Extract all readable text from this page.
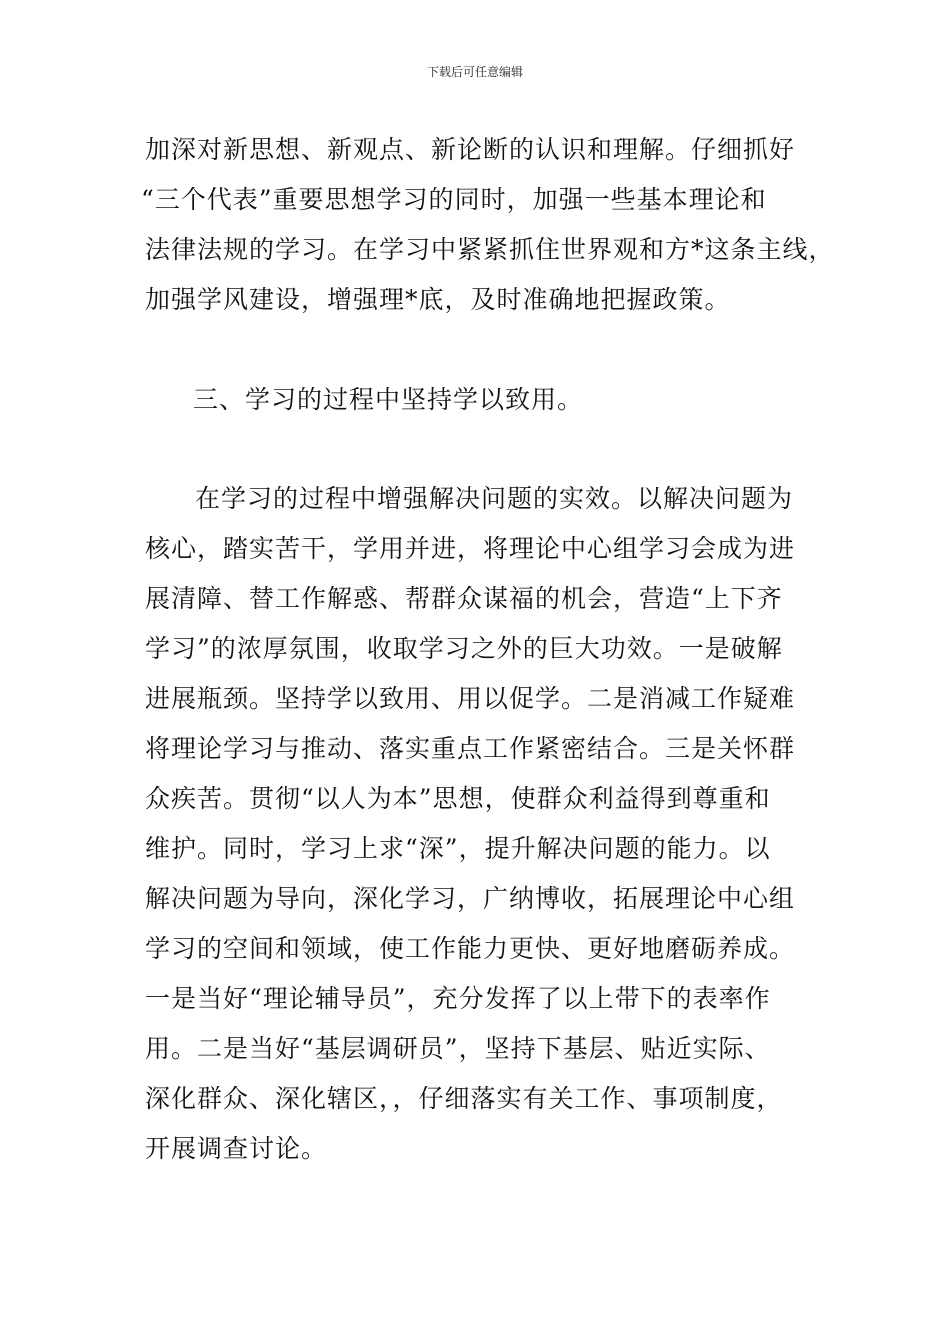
下载后可任意编辑
加深对新思想、新观点、新论断的认识和理解。仔细抓好
“三个代表”重要思想学习的同时，加强一些基本理论和
法律法规的学习。在学习中紧紧抓住世界观和方*这条主线，
加强学风建设，增强理*底，及时准确地把握政策。
三、学习的过程中坚持学以致用。
在学习的过程中增强解决问题的实效。以解决问题为
核心，踏实苦干，学用并进，将理论中心组学习会成为进
展清障、替工作解惑、帮群众谋福的机会，营造“上下齐
学习”的浓厚氛围，收取学习之外的巨大功效。一是破解
进展瓶颈。坚持学以致用、用以促学。二是消减工作疑难
将理论学习与推动、落实重点工作紧密结合。三是关怀群
众疾苦。贯彻“以人为本”思想，使群众利益得到尊重和
维护。同时，学习上求“深”，提升解决问题的能力。以
解决问题为导向，深化学习，广纳博收，拓展理论中心组
学习的空间和领域，使工作能力更快、更好地磨砺养成。
一是当好“理论辅导员”，充分发挥了以上带下的表率作
用。二是当好“基层调研员”，坚持下基层、贴近实际、
深化群众、深化辖区，，仔细落实有关工作、事项制度，
开展调查讨论。
